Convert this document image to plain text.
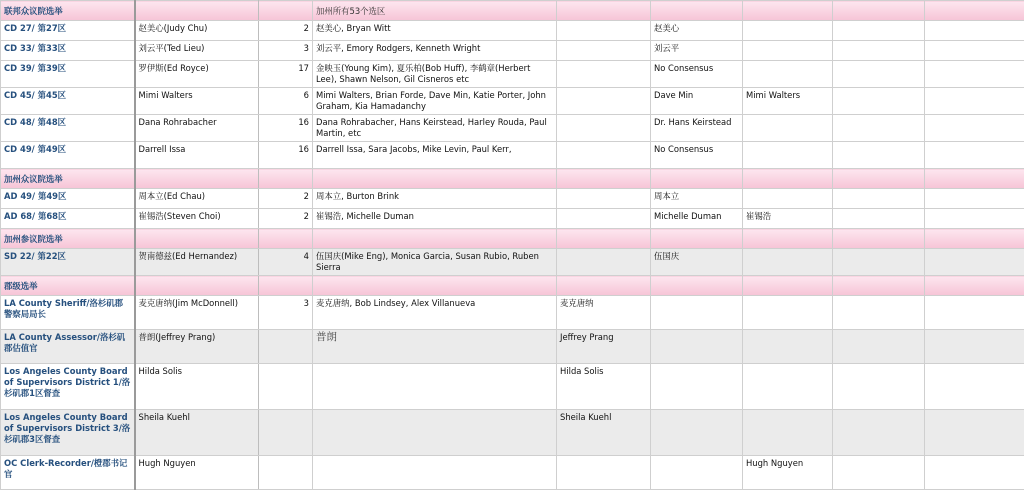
联邦众议院选举			加州所有53个选区					
CD 27/ 第27区	赵美心(Judy Chu)	2	赵美心, Bryan Witt		赵美心			
CD 33/ 第33区	刘云平(Ted Lieu)	3	刘云平, Emory Rodgers, Kenneth Wright		刘云平			
CD 39/ 第39区	罗伊斯(Ed Royce)	17	金映玉(Young Kim), 夏乐柏(Bob Huff), 李鹤章(Herbert Lee), Shawn Nelson, Gil Cisneros etc		No Consensus			
CD 45/ 第45区	Mimi Walters	6	Mimi Walters, Brian Forde, Dave Min, Katie Porter, John Graham, Kia Hamadanchy		Dave Min	Mimi Walters		
CD 48/ 第48区	Dana Rohrabacher	16	Dana Rohrabacher, Hans Keirstead, Harley Rouda, Paul Martin, etc		Dr. Hans Keirstead			
CD 49/ 第49区	Darrell Issa	16	Darrell Issa, Sara Jacobs, Mike Levin, Paul Kerr,		No Consensus			
加州众议院选举								
AD 49/ 第49区	周本立(Ed Chau)	2	周本立, Burton Brink		周本立			
AD 68/ 第68区	崔锡浩(Steven Choi)	2	崔锡浩, Michelle Duman		Michelle Duman	崔锡浩		
加州参议院选举								
SD 22/ 第22区	贺南德兹(Ed Hernandez)	4	伍国庆(Mike Eng), Monica Garcia, Susan Rubio, Ruben Sierra		伍国庆			
郡级选举								
LA County Sheriff/洛杉矶郡警察局局长	麦克唐纳(Jim McDonnell)	3	麦克唐纳, Bob Lindsey, Alex Villanueva	麦克唐纳				
LA County Assessor/洛杉矶郡估值官	普朗(Jeffrey Prang)		普朗	Jeffrey Prang				
Los Angeles County Board of Supervisors District 1/洛杉矶郡1区督查	Hilda Solis			Hilda Solis				
Los Angeles County Board of Supervisors District 3/洛杉矶郡3区督查	Sheila Kuehl			Sheila Kuehl				
OC Clerk-Recorder/橙郡书记官	Hugh Nguyen					Hugh Nguyen		
